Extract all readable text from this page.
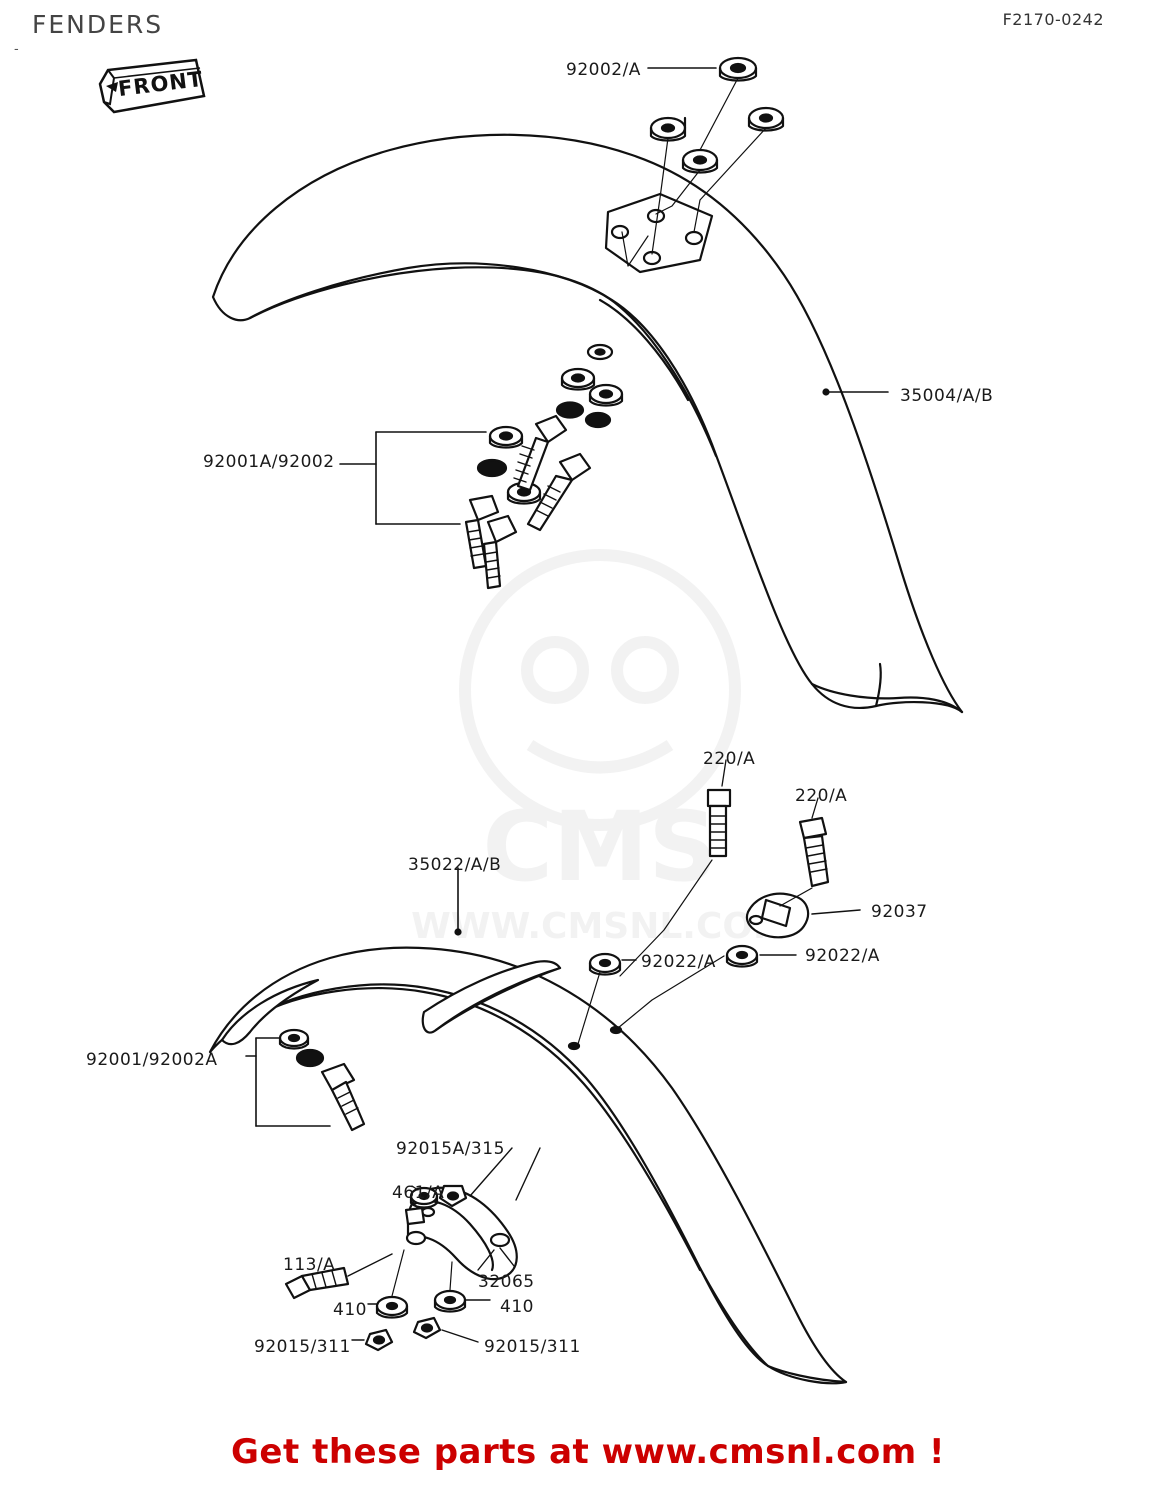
FENDERS	F2170-0242
-
FRONT
CMS
WWW.CMSNL.COM
92002/A
35004/A/B
92001A/92002
220/A
220/A
35022/A/B
92037
92022/A	92022/A
92001/92002A
92015A/315
461/A
113/A
32065
410	410
92015/311	92015/311
Get these parts at www.cmsnl.com !
